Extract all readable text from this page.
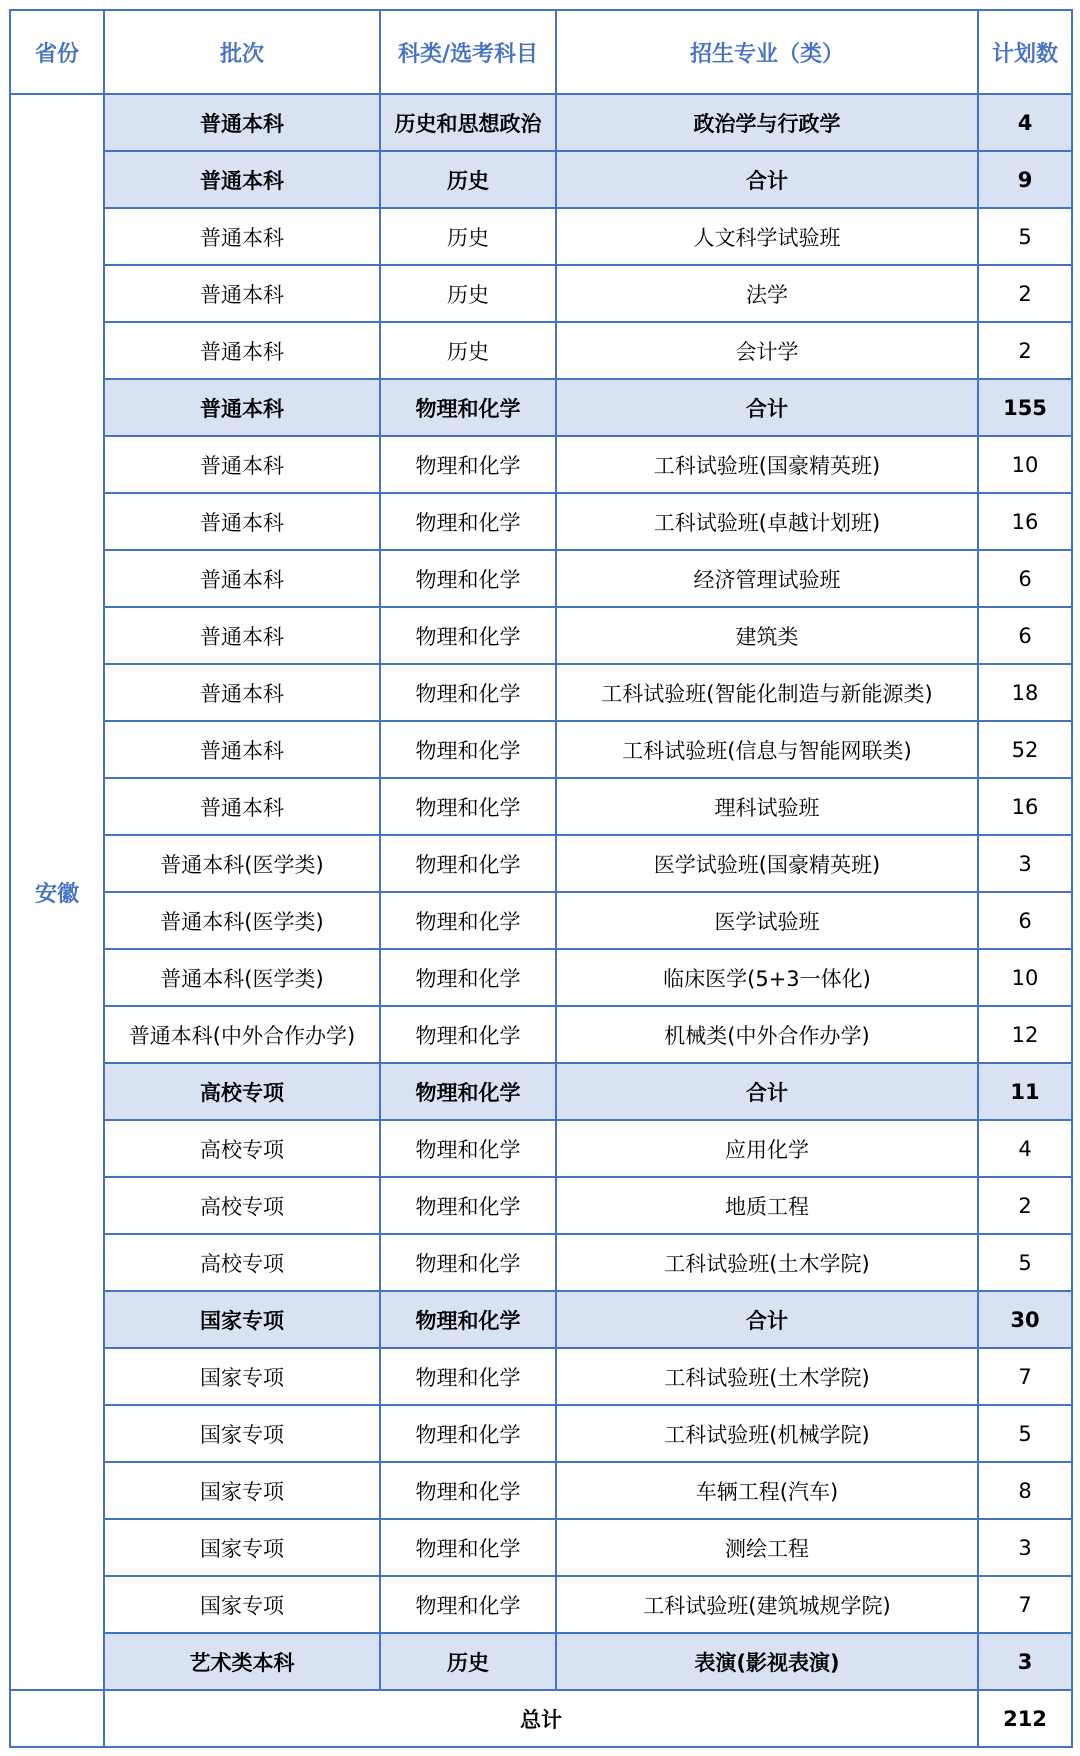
省份	批次	科类/选考科目	招生专业（类）	计划数
安徽	普通本科	历史和思想政治	政治学与行政学	4
	普通本科	历史	合计	9
	普通本科	历史	人文科学试验班	5
	普通本科	历史	法学	2
	普通本科	历史	会计学	2
	普通本科	物理和化学	合计	155
	普通本科	物理和化学	工科试验班(国豪精英班)	10
	普通本科	物理和化学	工科试验班(卓越计划班)	16
	普通本科	物理和化学	经济管理试验班	6
	普通本科	物理和化学	建筑类	6
	普通本科	物理和化学	工科试验班(智能化制造与新能源类)	18
	普通本科	物理和化学	工科试验班(信息与智能网联类)	52
	普通本科	物理和化学	理科试验班	16
	普通本科(医学类)	物理和化学	医学试验班(国豪精英班)	3
	普通本科(医学类)	物理和化学	医学试验班	6
	普通本科(医学类)	物理和化学	临床医学(5+3一体化)	10
	普通本科(中外合作办学)	物理和化学	机械类(中外合作办学)	12
	高校专项	物理和化学	合计	11
	高校专项	物理和化学	应用化学	4
	高校专项	物理和化学	地质工程	2
	高校专项	物理和化学	工科试验班(土木学院)	5
	国家专项	物理和化学	合计	30
	国家专项	物理和化学	工科试验班(土木学院)	7
	国家专项	物理和化学	工科试验班(机械学院)	5
	国家专项	物理和化学	车辆工程(汽车)	8
	国家专项	物理和化学	测绘工程	3
	国家专项	物理和化学	工科试验班(建筑城规学院)	7
	艺术类本科	历史	表演(影视表演)	3
	总计			212
